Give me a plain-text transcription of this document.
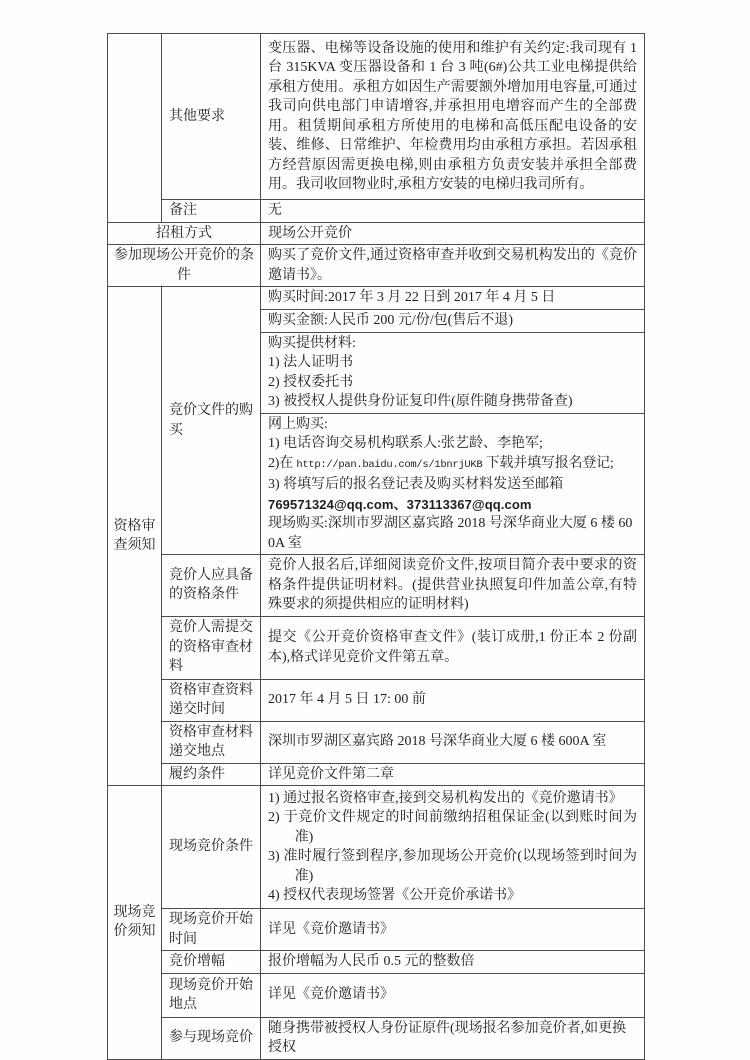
	其他要求	变压器、电梯等设备设施的使用和维护有关约定:我司现有 1 台 315KVA 变压器设备和 1 台 3 吨(6#)公共工业电梯提供给承租方使用。承租方如因生产需要额外增加用电容量,可通过我司向供电部门申请增容,并承担用电增容而产生的全部费用。租赁期间承租方所使用的电梯和高低压配电设备的安装、维修、日常维护、年检费用均由承租方承担。若因承租方经营原因需更换电梯,则由承租方负责安装并承担全部费用。我司收回物业时,承租方安装的电梯归我司所有。
	备注	无
招租方式		现场公开竞价
参加现场公开竞价的条件		购买了竞价文件,通过资格审查并收到交易机构发出的《竞价邀请书》。
资格审查须知	竞价文件的购买	购买时间:2017 年 3 月 22 日到 2017 年 4 月 5 日
		购买金额:人民币 200 元/份/包(售后不退)

		购买提供材料:
1) 法人证明书
2) 授权委托书
3) 被授权人提供身份证复印件(原件随身携带备查)

网上购买:
1) 电话咨询交易机构联系人:张艺龄、李艳军;
2)在 http://pan.baidu.com/s/1bnrjUKB 下载并填写报名登记;
3) 将填写后的报名登记表及购买材料发送至邮箱
769571324@qq.com、373113367@qq.com
现场购买:深圳市罗湖区嘉宾路 2018 号深华商业大厦 6 楼 600A 室

	竞价人应具备的资格条件	竞价人报名后,详细阅读竞价文件,按项目简介表中要求的资格条件提供证明材料。(提供营业执照复印件加盖公章,有特殊要求的须提供相应的证明材料)
	竞价人需提交的资格审查材料	提交《公开竞价资格审查文件》(装订成册,1 份正本 2 份副本),格式详见竞价文件第五章。
	资格审查资料递交时间	2017 年 4 月 5 日 17: 00 前
	资格审查材料递交地点	深圳市罗湖区嘉宾路 2018 号深华商业大厦 6 楼 600A 室
	履约条件	详见竞价文件第二章
现场竞价须知	现场竞价条件	1) 通过报名资格审查,接到交易机构发出的《竞价邀请书》
2) 于竞价文件规定的时间前缴纳招租保证金(以到账时间为准)
3) 准时履行签到程序,参加现场公开竞价(以现场签到时间为准)
4) 授权代表现场签署《公开竞价承诺书》

	现场竞价开始时间	详见《竞价邀请书》
	竞价增幅	报价增幅为人民币 0.5 元的整数倍
	现场竞价开始地点	详见《竞价邀请书》
	参与现场竞价	随身携带被授权人身份证原件(现场报名参加竞价者,如更换授权
